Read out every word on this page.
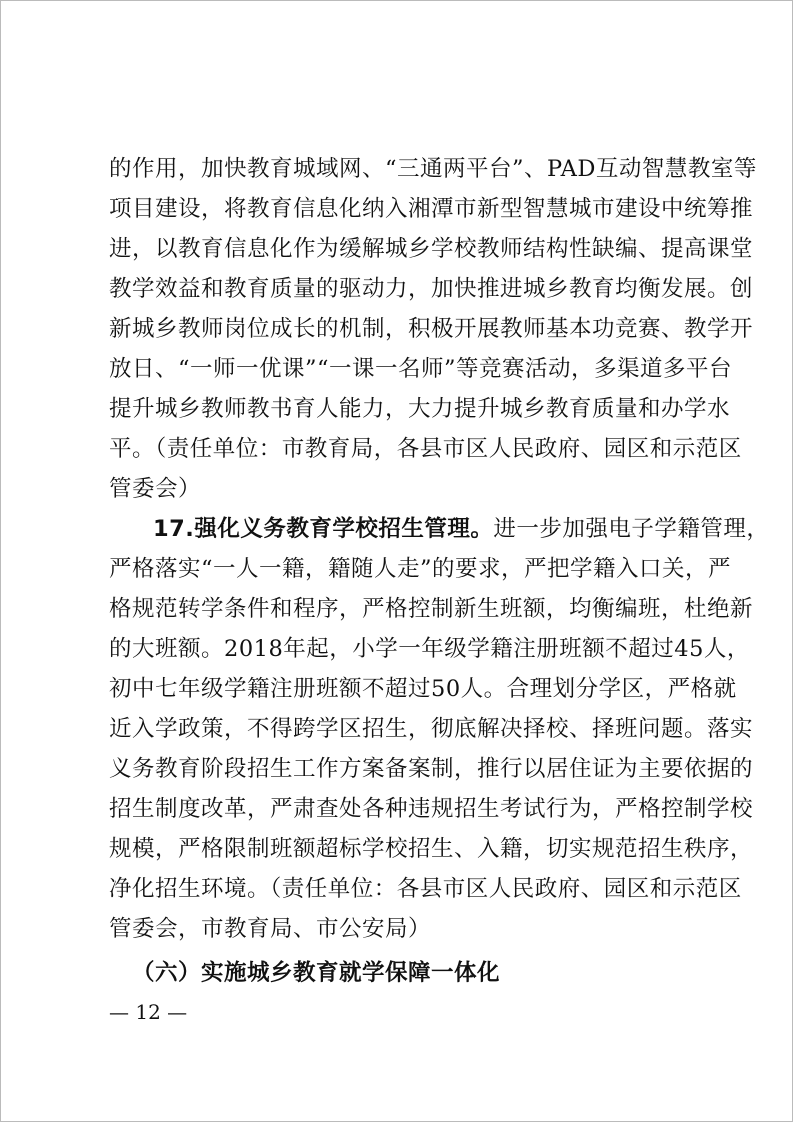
的作用，加快教育城域网、“三通两平台”、PAD互动智慧教室等
项目建设，将教育信息化纳入湘潭市新型智慧城市建设中统筹推
进，以教育信息化作为缓解城乡学校教师结构性缺编、提高课堂
教学效益和教育质量的驱动力，加快推进城乡教育均衡发展。创
新城乡教师岗位成长的机制，积极开展教师基本功竞赛、教学开
放日、“一师一优课”“一课一名师”等竞赛活动，多渠道多平台
提升城乡教师教书育人能力，大力提升城乡教育质量和办学水
平。（责任单位：市教育局，各县市区人民政府、园区和示范区
管委会）
17.强化义务教育学校招生管理。进一步加强电子学籍管理，
严格落实“一人一籍，籍随人走”的要求，严把学籍入口关，严
格规范转学条件和程序，严格控制新生班额，均衡编班，杜绝新
的大班额。2018年起，小学一年级学籍注册班额不超过45人，
初中七年级学籍注册班额不超过50人。合理划分学区，严格就
近入学政策，不得跨学区招生，彻底解决择校、择班问题。落实
义务教育阶段招生工作方案备案制，推行以居住证为主要依据的
招生制度改革，严肃查处各种违规招生考试行为，严格控制学校
规模，严格限制班额超标学校招生、入籍，切实规范招生秩序，
净化招生环境。（责任单位：各县市区人民政府、园区和示范区
管委会，市教育局、市公安局）
（六）实施城乡教育就学保障一体化
— 12 —
